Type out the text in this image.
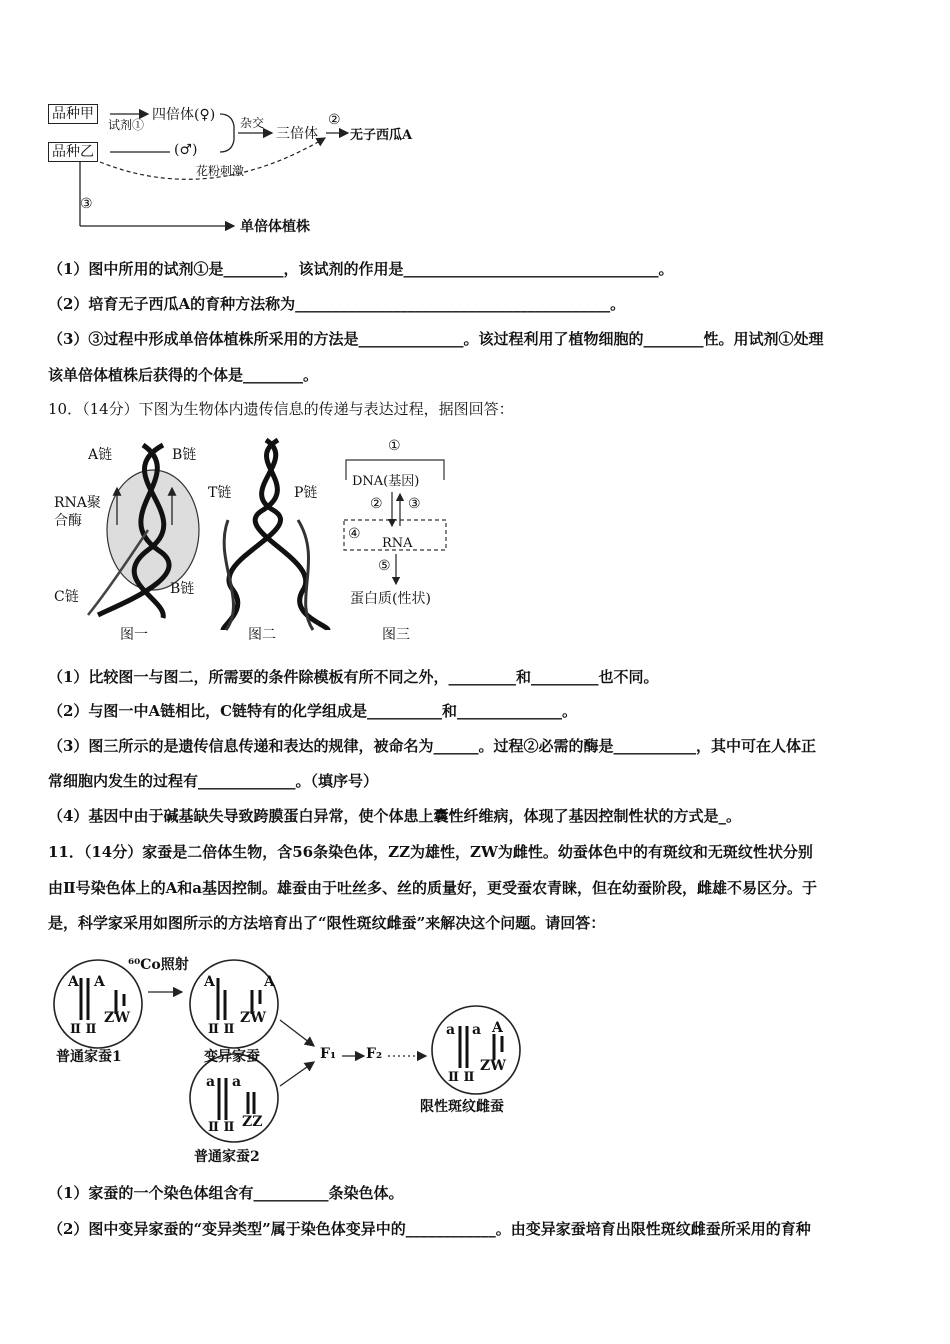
品种甲
品种乙
试剂①
四倍体(♀)
(♂)
杂交
三倍体
②
无子西瓜A
花粉刺激
③
单倍体植株
（1）图中所用的试剂①是________，该试剂的作用是__________________________________。
（2）培育无子西瓜A的育种方法称为__________________________________________。
（3）③过程中形成单倍体植株所采用的方法是______________。该过程利用了植物细胞的________性。用试剂①处理
该单倍体植株后获得的个体是________。
10．（14分）下图为生物体内遗传信息的传递与表达过程，据图回答：
A链	B链
RNA聚
合酶
C链	B链
T链	P链
①
DNA(基因)
② ③
④
RNA
⑤
蛋白质(性状)
图一	图二	图三
（1）比较图一与图二，所需要的条件除模板有所不同之外，_________和_________也不同。
（2）与图一中A链相比，C链特有的化学组成是__________和______________。
（3）图三所示的是遗传信息传递和表达的规律，被命名为______。过程②必需的酶是___________，其中可在人体正
常细胞内发生的过程有_____________。（填序号）
（4）基因中由于碱基缺失导致跨膜蛋白异常，使个体患上囊性纤维病，体现了基因控制性状的方式是_。
11．（14分）家蚕是二倍体生物，含56条染色体，ZZ为雄性，ZW为雌性。幼蚕体色中的有斑纹和无斑纹性状分别
由Ⅱ号染色体上的A和a基因控制。雄蚕由于吐丝多、丝的质量好，更受蚕农青睐，但在幼蚕阶段，雌雄不易区分。于
是，科学家采用如图所示的方法培育出了“限性斑纹雌蚕”来解决这个问题。请回答：
⁶⁰Co照射
A A
Ⅱ Ⅱ
ZW
普通家蚕1
A	A
Ⅱ Ⅱ
ZW
变异家蚕
a a
Ⅱ Ⅱ ZZ
普通家蚕2
F₁ F₂
a a A
Ⅱ Ⅱ
ZW
限性斑纹雌蚕
（1）家蚕的一个染色体组含有__________条染色体。
（2）图中变异家蚕的“变异类型”属于染色体变异中的____________。由变异家蚕培育出限性斑纹雌蚕所采用的育种
